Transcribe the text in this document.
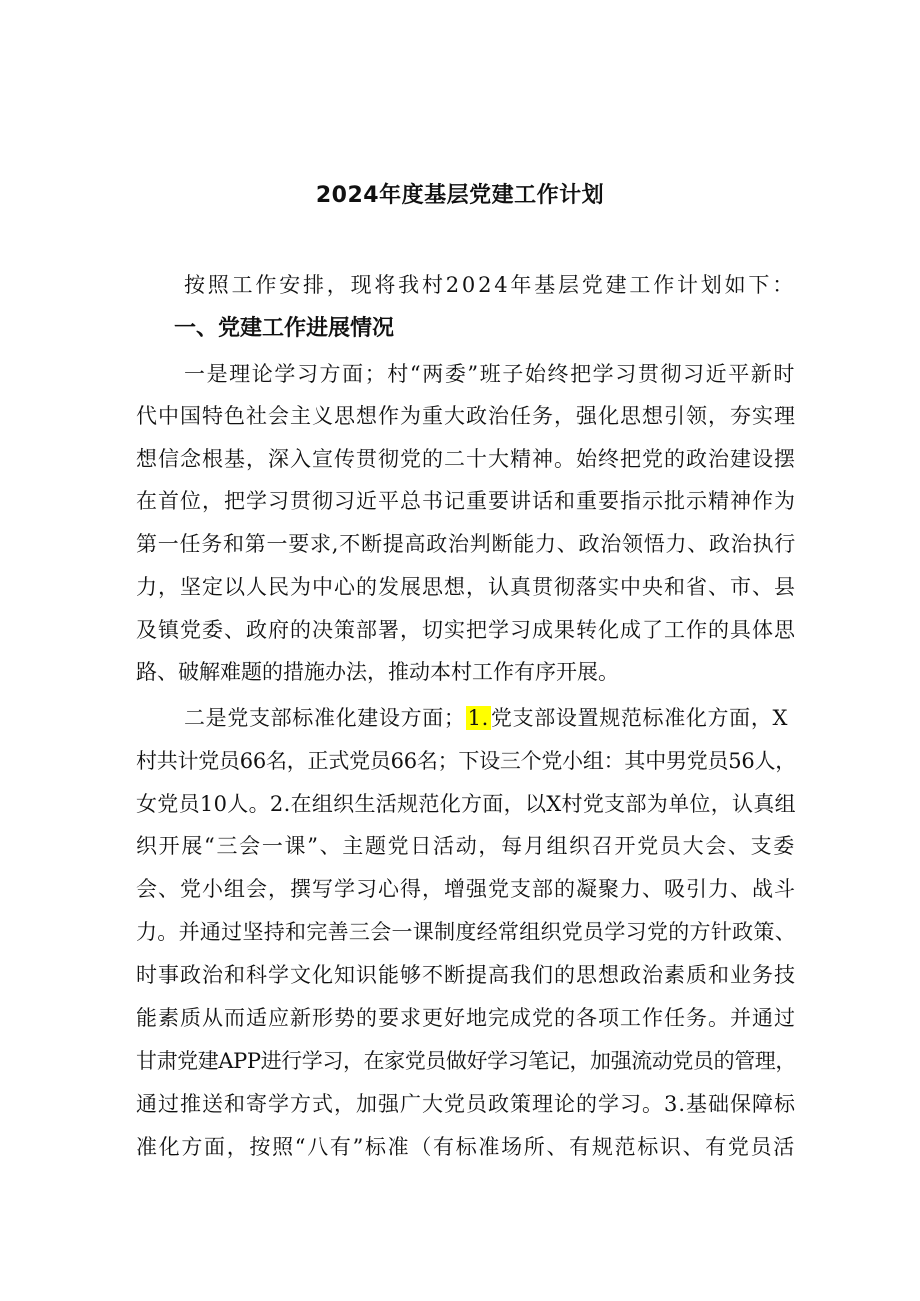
2024年度基层党建工作计划
按照工作安排，现将我村2024年基层党建工作计划如下：
一、党建工作进展情况
一是理论学习方面；村“两委”班子始终把学习贯彻习近平新时
代中国特色社会主义思想作为重大政治任务，强化思想引领，夯实理
想信念根基，深入宣传贯彻党的二十大精神。始终把党的政治建设摆
在首位，把学习贯彻习近平总书记重要讲话和重要指示批示精神作为
第一任务和第一要求,不断提高政治判断能力、政治领悟力、政治执行
力，坚定以人民为中心的发展思想，认真贯彻落实中央和省、市、县
及镇党委、政府的决策部署，切实把学习成果转化成了工作的具体思
路、破解难题的措施办法，推动本村工作有序开展。
二是党支部标准化建设方面；1.党支部设置规范标准化方面，X
村共计党员66名，正式党员66名；下设三个党小组：其中男党员56人，
女党员10人。2.在组织生活规范化方面，以X村党支部为单位，认真组
织开展“三会一课”、主题党日活动，每月组织召开党员大会、支委
会、党小组会，撰写学习心得，增强党支部的凝聚力、吸引力、战斗
力。并通过坚持和完善三会一课制度经常组织党员学习党的方针政策、
时事政治和科学文化知识能够不断提高我们的思想政治素质和业务技
能素质从而适应新形势的要求更好地完成党的各项工作任务。并通过
甘肃党建APP进行学习，在家党员做好学习笔记，加强流动党员的管理，
通过推送和寄学方式，加强广大党员政策理论的学习。3.基础保障标
准化方面，按照“八有”标准（有标准场所、有规范标识、有党员活
